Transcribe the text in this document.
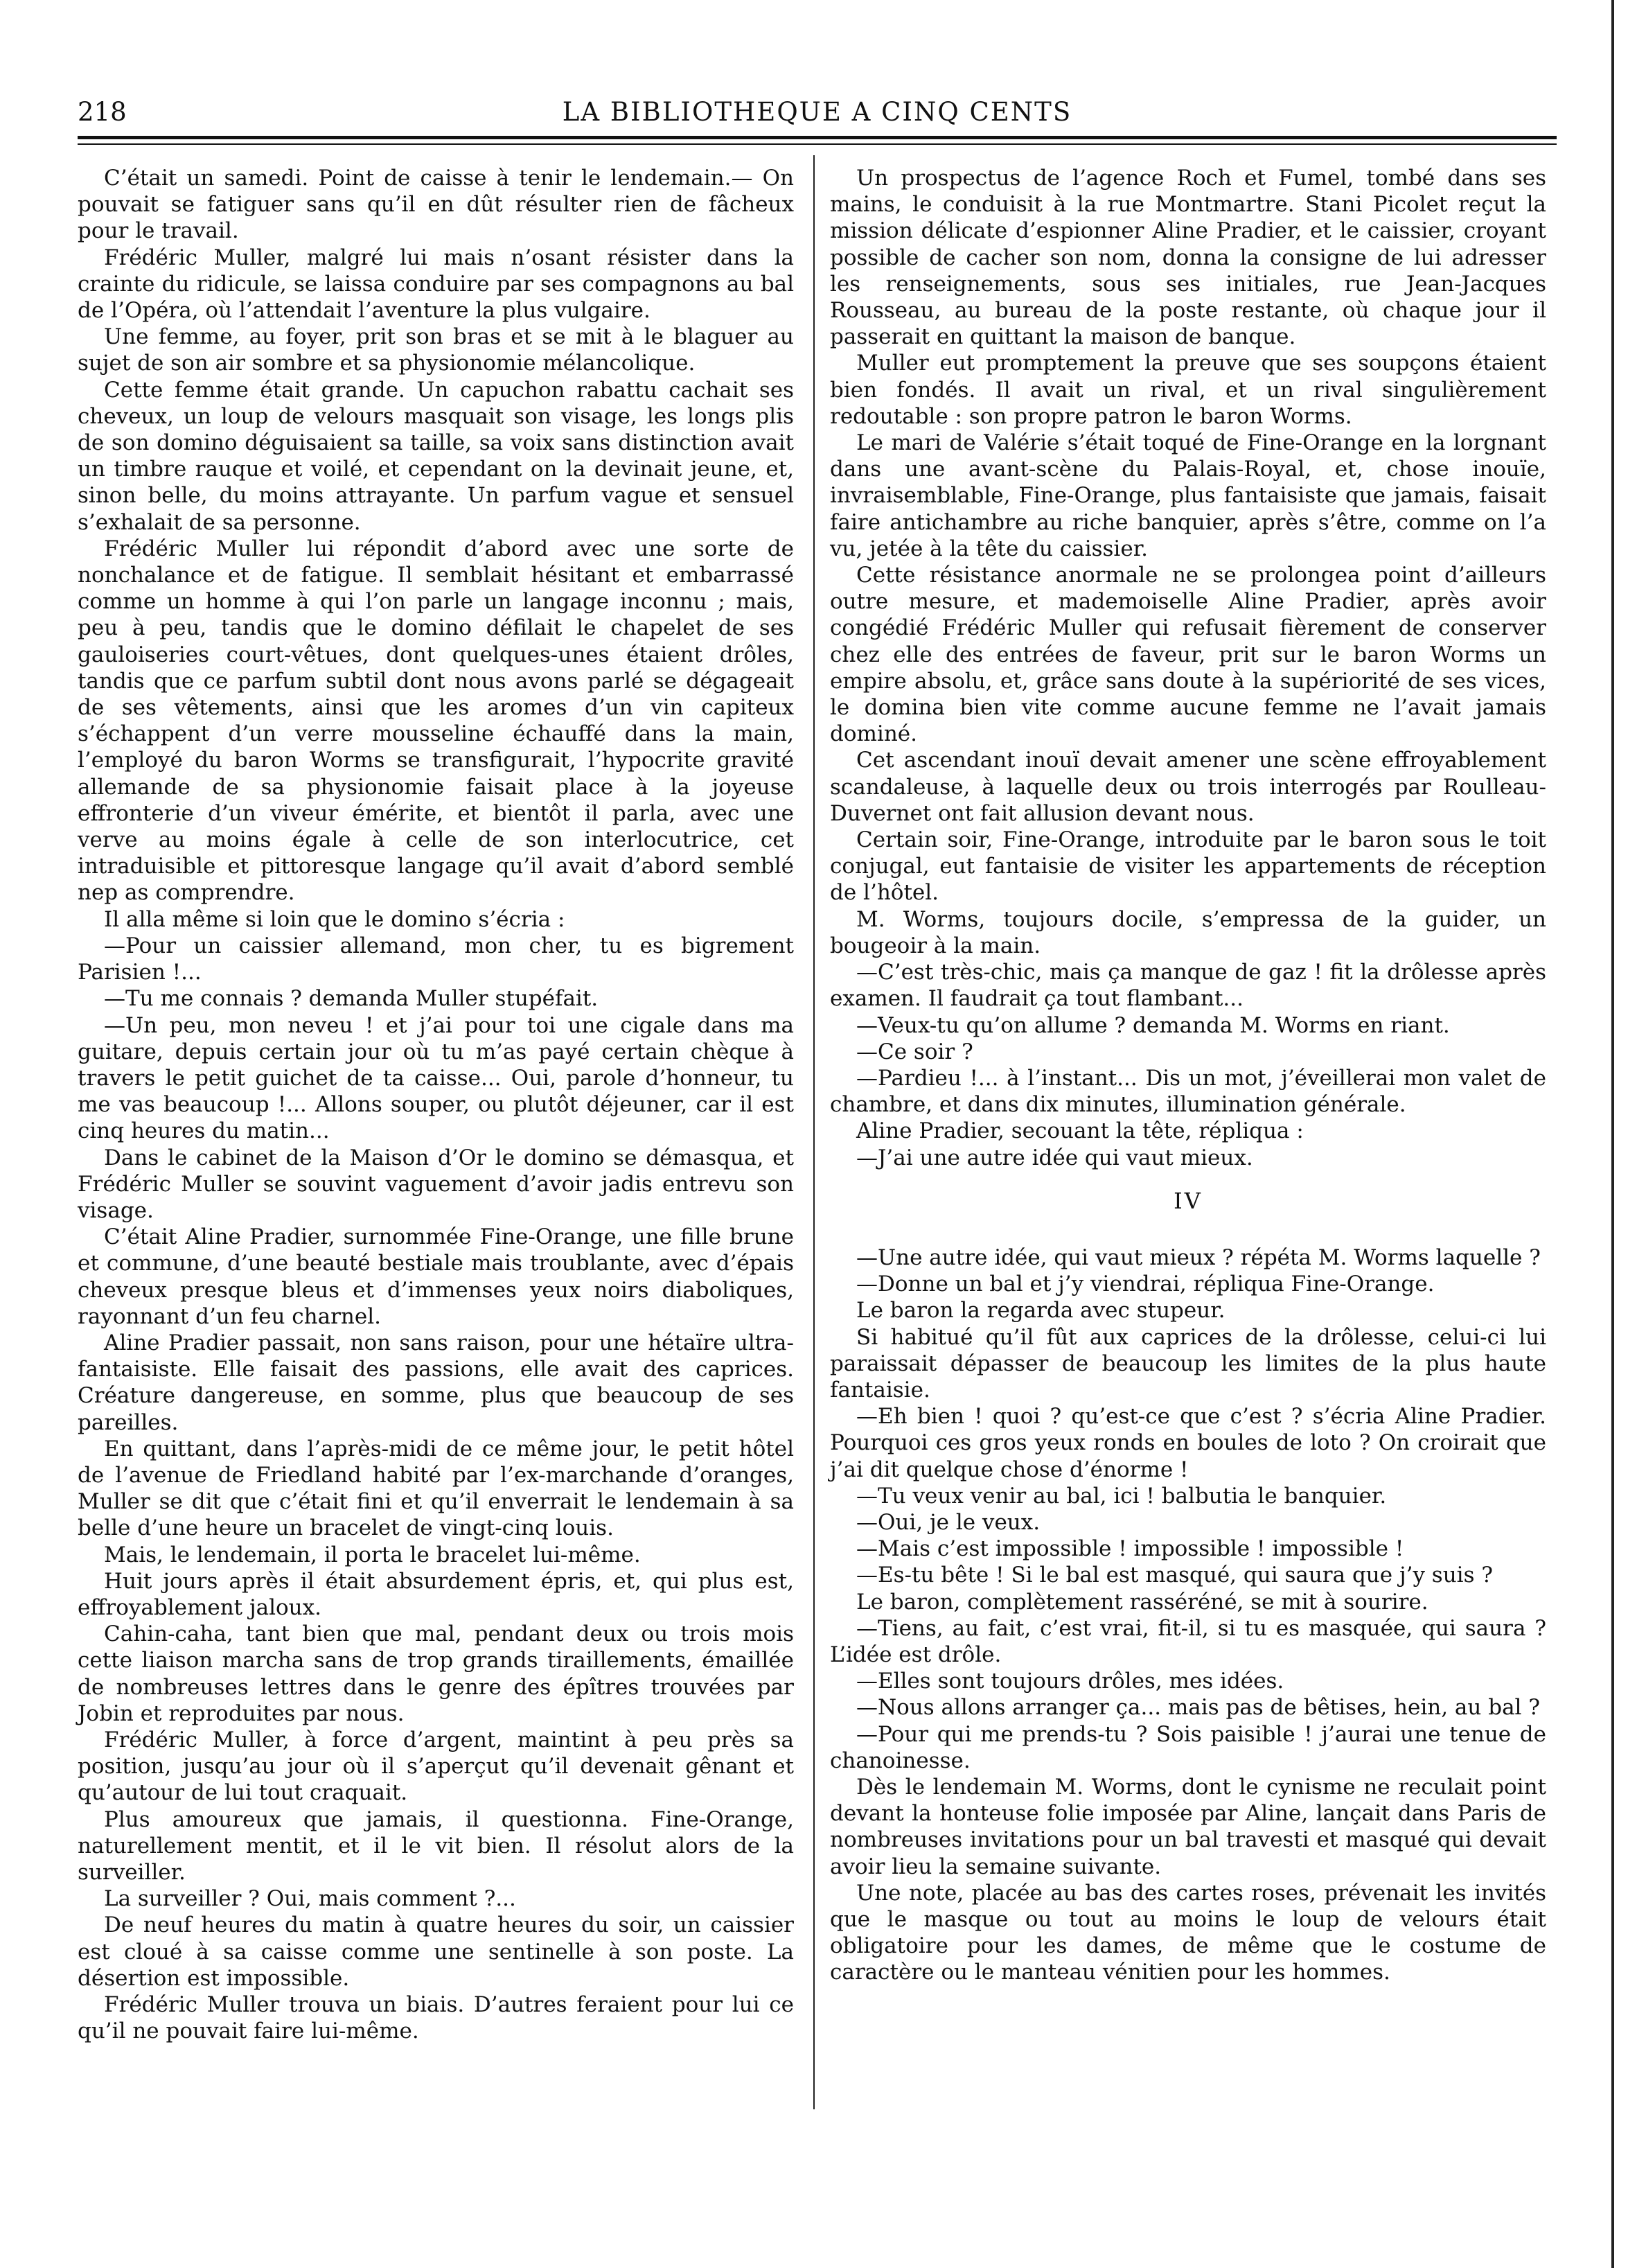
218	LA BIBLIOTHEQUE A CINQ CENTS

C’était un samedi. Point de caisse à tenir le lendemain.— On pouvait se fatiguer sans qu’il en dût résulter rien de fâcheux pour le travail.

Frédéric Muller, malgré lui mais n’osant résister dans la crainte du ridicule, se laissa conduire par ses compagnons au bal de l’Opéra, où l’attendait l’aventure la plus vulgaire.

Une femme, au foyer, prit son bras et se mit à le blaguer au sujet de son air sombre et sa physionomie mélancolique.

Cette femme était grande. Un capuchon rabattu cachait ses cheveux, un loup de velours masquait son visage, les longs plis de son domino déguisaient sa taille, sa voix sans distinction avait un timbre rauque et voilé, et cependant on la devinait jeune, et, sinon belle, du moins attrayante. Un parfum vague et sensuel s’exhalait de sa personne.

Frédéric Muller lui répondit d’abord avec une sorte de nonchalance et de fatigue. Il semblait hésitant et embarrassé comme un homme à qui l’on parle un langage inconnu ; mais, peu à peu, tandis que le domino défilait le chapelet de ses gauloiseries court-vêtues, dont quelques-unes étaient drôles, tandis que ce parfum subtil dont nous avons parlé se dégageait de ses vêtements, ainsi que les aromes d’un vin capiteux s’échappent d’un verre mousseline échauffé dans la main, l’employé du baron Worms se transfigurait, l’hypocrite gravité allemande de sa physionomie faisait place à la joyeuse effronterie d’un viveur émérite, et bientôt il parla, avec une verve au moins égale à celle de son interlocutrice, cet intraduisible et pittoresque langage qu’il avait d’abord semblé nep as comprendre.

Il alla même si loin que le domino s’écria :

—Pour un caissier allemand, mon cher, tu es bigrement Parisien !...

—Tu me connais ? demanda Muller stupéfait.

—Un peu, mon neveu ! et j’ai pour toi une cigale dans ma guitare, depuis certain jour où tu m’as payé certain chèque à travers le petit guichet de ta caisse... Oui, parole d’honneur, tu me vas beaucoup !... Allons souper, ou plutôt déjeuner, car il est cinq heures du matin...

Dans le cabinet de la Maison d’Or le domino se démasqua, et Frédéric Muller se souvint vaguement d’avoir jadis entrevu son visage.

C’était Aline Pradier, surnommée Fine-Orange, une fille brune et commune, d’une beauté bestiale mais troublante, avec d’épais cheveux presque bleus et d’immenses yeux noirs diaboliques, rayonnant d’un feu charnel.

Aline Pradier passait, non sans raison, pour une hétaïre ultra-fantaisiste. Elle faisait des passions, elle avait des caprices. Créature dangereuse, en somme, plus que beaucoup de ses pareilles.

En quittant, dans l’après-midi de ce même jour, le petit hôtel de l’avenue de Friedland habité par l’ex-marchande d’oranges, Muller se dit que c’était fini et qu’il enverrait le lendemain à sa belle d’une heure un bracelet de vingt-cinq louis.

Mais, le lendemain, il porta le bracelet lui-même.

Huit jours après il était absurdement épris, et, qui plus est, effroyablement jaloux.

Cahin-caha, tant bien que mal, pendant deux ou trois mois cette liaison marcha sans de trop grands tiraillements, émaillée de nombreuses lettres dans le genre des épîtres trouvées par Jobin et reproduites par nous.

Frédéric Muller, à force d’argent, maintint à peu près sa position, jusqu’au jour où il s’aperçut qu’il devenait gênant et qu’autour de lui tout craquait.

Plus amoureux que jamais, il questionna. Fine-Orange, naturellement mentit, et il le vit bien. Il résolut alors de la surveiller.

La surveiller ? Oui, mais comment ?...

De neuf heures du matin à quatre heures du soir, un caissier est cloué à sa caisse comme une sentinelle à son poste. La désertion est impossible.

Frédéric Muller trouva un biais. D’autres feraient pour lui ce qu’il ne pouvait faire lui-même.

Un prospectus de l’agence Roch et Fumel, tombé dans ses mains, le conduisit à la rue Montmartre. Stani Picolet reçut la mission délicate d’espionner Aline Pradier, et le caissier, croyant possible de cacher son nom, donna la consigne de lui adresser les renseignements, sous ses initiales, rue Jean-Jacques Rousseau, au bureau de la poste restante, où chaque jour il passerait en quittant la maison de banque.

Muller eut promptement la preuve que ses soupçons étaient bien fondés. Il avait un rival, et un rival singulièrement redoutable : son propre patron le baron Worms.

Le mari de Valérie s’était toqué de Fine-Orange en la lorgnant dans une avant-scène du Palais-Royal, et, chose inouïe, invraisemblable, Fine-Orange, plus fantaisiste que jamais, faisait faire antichambre au riche banquier, après s’être, comme on l’a vu, jetée à la tête du caissier.

Cette résistance anormale ne se prolongea point d’ailleurs outre mesure, et mademoiselle Aline Pradier, après avoir congédié Frédéric Muller qui refusait fièrement de conserver chez elle des entrées de faveur, prit sur le baron Worms un empire absolu, et, grâce sans doute à la supériorité de ses vices, le domina bien vite comme aucune femme ne l’avait jamais dominé.

Cet ascendant inouï devait amener une scène effroyablement scandaleuse, à laquelle deux ou trois interrogés par Roulleau-Duvernet ont fait allusion devant nous.

Certain soir, Fine-Orange, introduite par le baron sous le toit conjugal, eut fantaisie de visiter les appartements de réception de l’hôtel.

M. Worms, toujours docile, s’empressa de la guider, un bougeoir à la main.

—C’est très-chic, mais ça manque de gaz ! fit la drôlesse après examen. Il faudrait ça tout flambant...

—Veux-tu qu’on allume ? demanda M. Worms en riant.

—Ce soir ?

—Pardieu !... à l’instant... Dis un mot, j’éveillerai mon valet de chambre, et dans dix minutes, illumination générale.

Aline Pradier, secouant la tête, répliqua :

—J’ai une autre idée qui vaut mieux.

IV

—Une autre idée, qui vaut mieux ? répéta M. Worms laquelle ?

—Donne un bal et j’y viendrai, répliqua Fine-Orange.

Le baron la regarda avec stupeur.

Si habitué qu’il fût aux caprices de la drôlesse, celui-ci lui paraissait dépasser de beaucoup les limites de la plus haute fantaisie.

—Eh bien ! quoi ? qu’est-ce que c’est ? s’écria Aline Pradier. Pourquoi ces gros yeux ronds en boules de loto ? On croirait que j’ai dit quelque chose d’énorme !

—Tu veux venir au bal, ici ! balbutia le banquier.

—Oui, je le veux.

—Mais c’est impossible ! impossible ! impossible !

—Es-tu bête ! Si le bal est masqué, qui saura que j’y suis ?

Le baron, complètement rasséréné, se mit à sourire.

—Tiens, au fait, c’est vrai, fit-il, si tu es masquée, qui saura ? L’idée est drôle.

—Elles sont toujours drôles, mes idées.

—Nous allons arranger ça... mais pas de bêtises, hein, au bal ?

—Pour qui me prends-tu ? Sois paisible ! j’aurai une tenue de chanoinesse.

Dès le lendemain M. Worms, dont le cynisme ne reculait point devant la honteuse folie imposée par Aline, lançait dans Paris de nombreuses invitations pour un bal travesti et masqué qui devait avoir lieu la semaine suivante.

Une note, placée au bas des cartes roses, prévenait les invités que le masque ou tout au moins le loup de velours était obligatoire pour les dames, de même que le costume de caractère ou le manteau vénitien pour les hommes.
